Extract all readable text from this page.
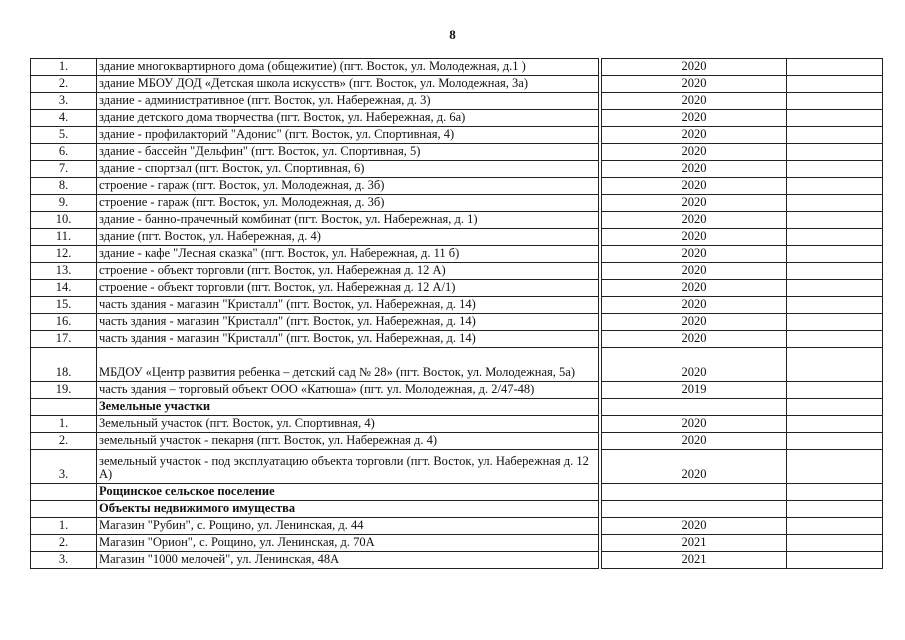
8
1.	здание многоквартирного дома (общежитие) (пгт. Восток, ул. Молодежная, д.1 )		2020	
2.	здание МБОУ ДОД «Детская школа искусств» (пгт. Восток, ул. Молодежная, 3а)		2020	
3.	здание - административное (пгт. Восток, ул. Набережная, д. 3)		2020	
4.	здание детского дома творчества (пгт. Восток, ул. Набережная, д. 6а)		2020	
5.	здание - профилакторий "Адонис" (пгт. Восток, ул. Спортивная, 4)		2020	
6.	здание - бассейн "Дельфин" (пгт. Восток, ул. Спортивная, 5)		2020	
7.	здание - спортзал (пгт. Восток, ул. Спортивная, 6)		2020	
8.	строение - гараж (пгт. Восток, ул. Молодежная, д. 3б)		2020	
9.	строение - гараж (пгт. Восток, ул. Молодежная, д. 3б)		2020	
10.	здание - банно-прачечный комбинат (пгт. Восток, ул. Набережная, д. 1)		2020	
11.	здание (пгт. Восток, ул. Набережная, д. 4)		2020	
12.	здание - кафе "Лесная сказка" (пгт. Восток, ул. Набережная, д. 11 б)		2020	
13.	строение - объект торговли (пгт. Восток, ул. Набережная д. 12 А)		2020	
14.	строение - объект торговли (пгт. Восток, ул. Набережная д. 12 А/1)		2020	
15.	часть здания - магазин "Кристалл" (пгт. Восток, ул. Набережная, д. 14)		2020	
16.	часть здания - магазин "Кристалл" (пгт. Восток, ул. Набережная, д. 14)		2020	
17.	часть здания - магазин "Кристалл" (пгт. Восток, ул. Набережная, д. 14)		2020	
18.	МБДОУ «Центр развития ребенка – детский сад № 28» (пгт. Восток, ул. Молодежная, 5а)		2020	
19.	часть здания – торговый объект ООО «Катюша» (пгт. ул. Молодежная, д. 2/47-48)		2019	
	Земельные участки			
1.	Земельный участок (пгт. Восток, ул. Спортивная, 4)		2020	
2.	земельный участок - пекарня (пгт. Восток, ул. Набережная д. 4)		2020	
3.	земельный участок - под эксплуатацию объекта торговли (пгт. Восток, ул. Набережная д. 12 А)		2020	
	Рощинское сельское поселение			
	Объекты недвижимого имущества			
1.	Магазин "Рубин", с. Рощино, ул. Ленинская, д. 44		2020	
2.	Магазин "Орион", с. Рощино, ул. Ленинская, д. 70А		2021	
3.	Магазин "1000 мелочей", ул. Ленинская, 48А		2021	
